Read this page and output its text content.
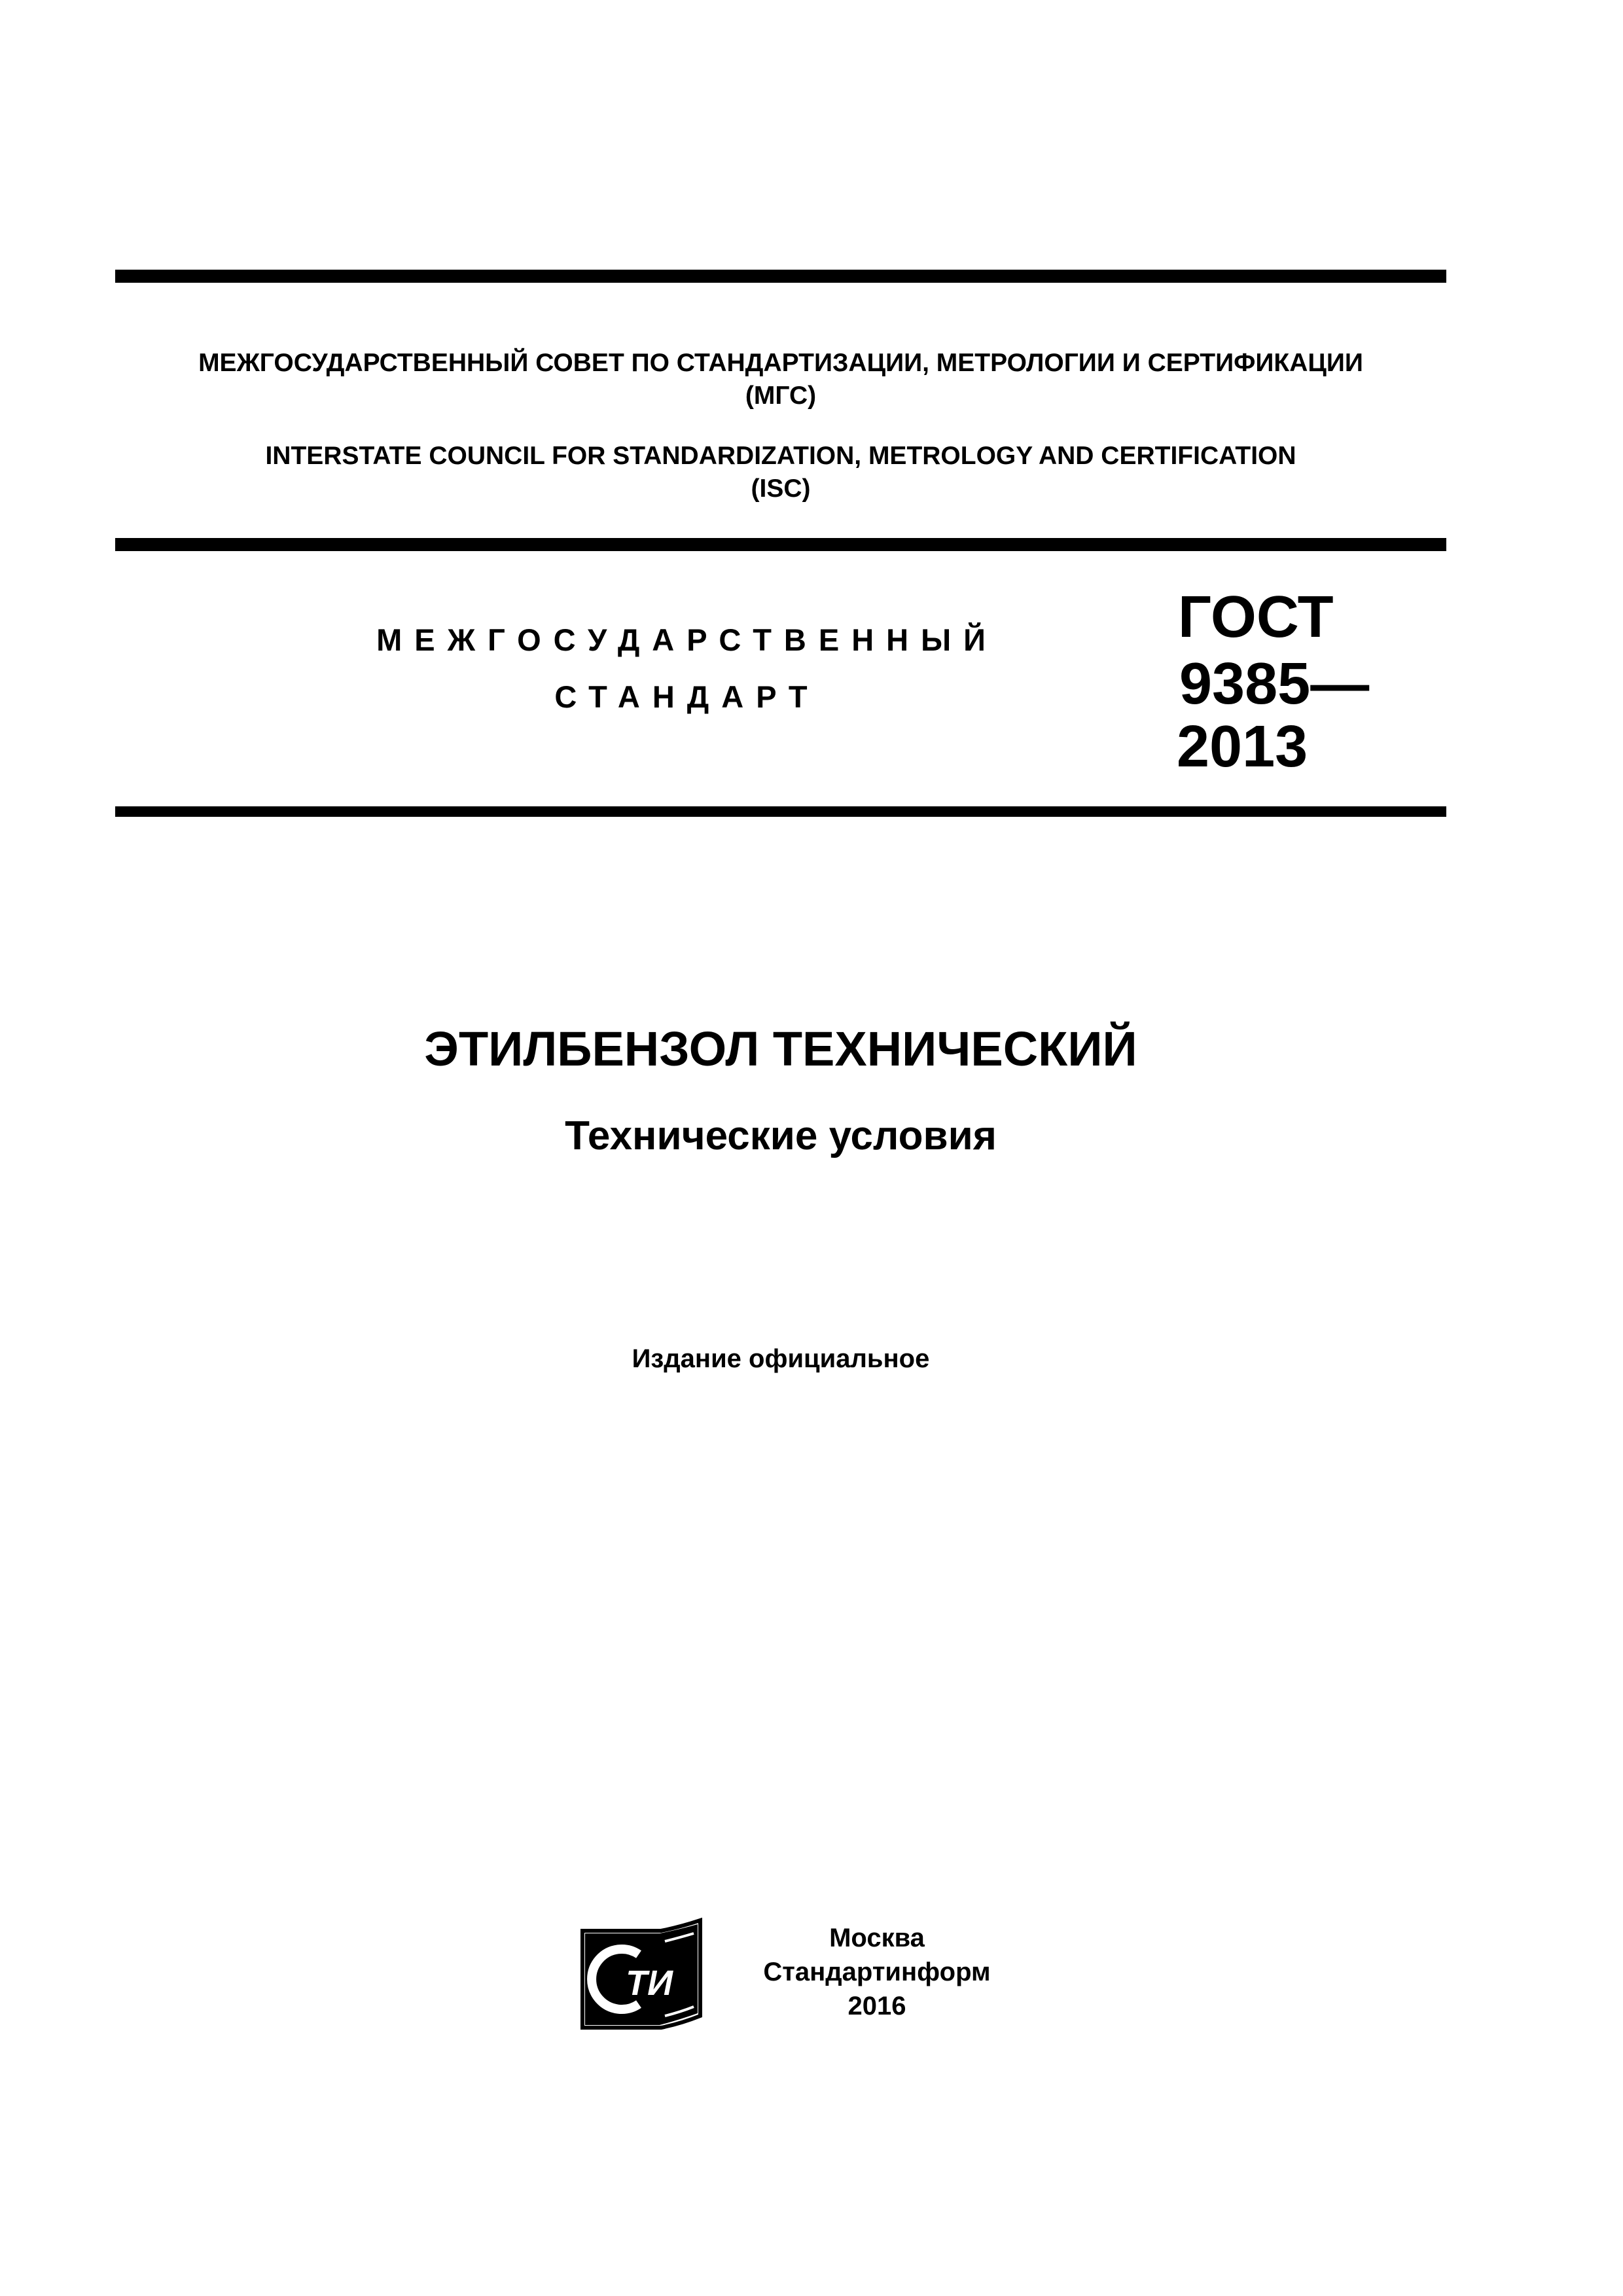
МЕЖГОСУДАРСТВЕННЫЙ СОВЕТ ПО СТАНДАРТИЗАЦИИ, МЕТРОЛОГИИ И СЕРТИФИКАЦИИ
(МГС)
INTERSTATE COUNCIL FOR STANDARDIZATION, METROLOGY AND CERTIFICATION
(ISC)
МЕЖГОСУДАРСТВЕННЫЙ
СТАНДАРТ
ГОСТ
9385—
2013
ЭТИЛБЕНЗОЛ ТЕХНИЧЕСКИЙ
Технические условия
Издание официальное
ТИ
Москва
Стандартинформ
2016
